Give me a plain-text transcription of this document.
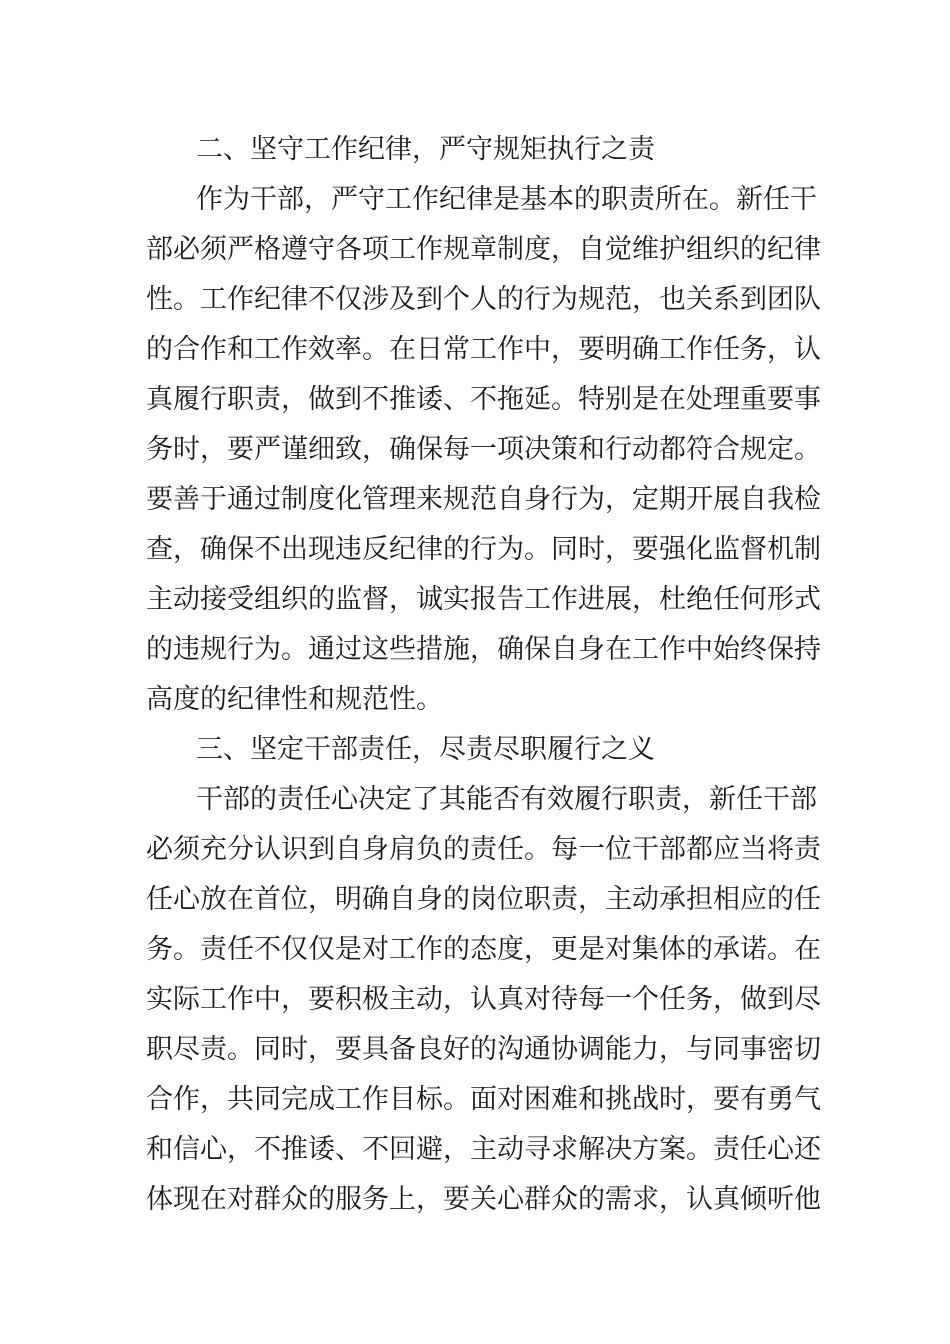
二、坚守工作纪律，严守规矩执行之责
作为干部，严守工作纪律是基本的职责所在。新任干
部必须严格遵守各项工作规章制度，自觉维护组织的纪律
性。工作纪律不仅涉及到个人的行为规范，也关系到团队
的合作和工作效率。在日常工作中，要明确工作任务，认
真履行职责，做到不推诿、不拖延。特别是在处理重要事
务时，要严谨细致，确保每一项决策和行动都符合规定。
要善于通过制度化管理来规范自身行为，定期开展自我检
查，确保不出现违反纪律的行为。同时，要强化监督机制
主动接受组织的监督，诚实报告工作进展，杜绝任何形式
的违规行为。通过这些措施，确保自身在工作中始终保持
高度的纪律性和规范性。
三、坚定干部责任，尽责尽职履行之义
干部的责任心决定了其能否有效履行职责，新任干部
必须充分认识到自身肩负的责任。每一位干部都应当将责
任心放在首位，明确自身的岗位职责，主动承担相应的任
务。责任不仅仅是对工作的态度，更是对集体的承诺。在
实际工作中，要积极主动，认真对待每一个任务，做到尽
职尽责。同时，要具备良好的沟通协调能力，与同事密切
合作，共同完成工作目标。面对困难和挑战时，要有勇气
和信心，不推诿、不回避，主动寻求解决方案。责任心还
体现在对群众的服务上，要关心群众的需求，认真倾听他
